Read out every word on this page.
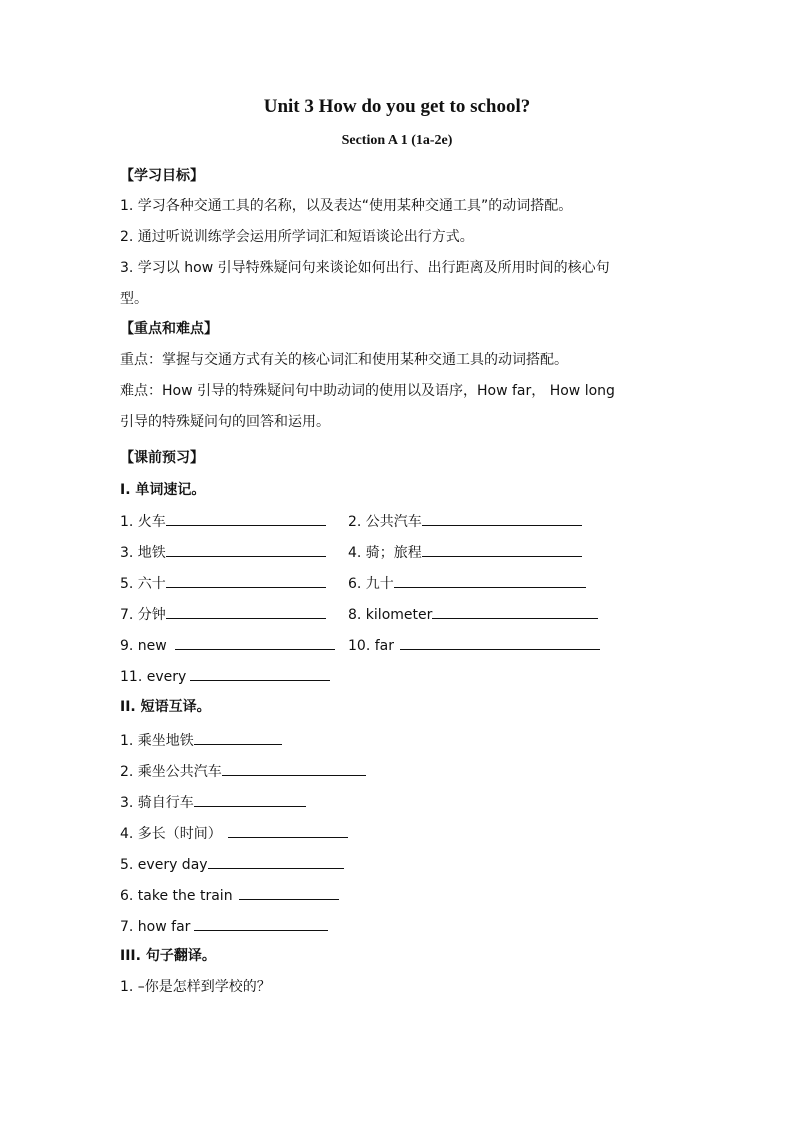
Unit 3 How do you get to school?
Section A 1 (1a-2e)
【学习目标】
1. 学习各种交通工具的名称，以及表达“使用某种交通工具”的动词搭配。
2. 通过听说训练学会运用所学词汇和短语谈论出行方式。
3. 学习以 how 引导特殊疑问句来谈论如何出行、出行距离及所用时间的核心句
型。
【重点和难点】
重点：掌握与交通方式有关的核心词汇和使用某种交通工具的动词搭配。
难点：How 引导的特殊疑问句中助动词的使用以及语序，How far， How long
引导的特殊疑问句的回答和运用。
【课前预习】
I. 单词速记。
1. 火车	2. 公共汽车
3. 地铁	4. 骑；旅程
5. 六十	6. 九十
7. 分钟	8. kilometer
9. new	10. far
11. every
II. 短语互译。
1. 乘坐地铁
2. 乘坐公共汽车
3. 骑自行车
4. 多长（时间）
5. every day
6. take the train
7. how far
III. 句子翻译。
1. –你是怎样到学校的？
